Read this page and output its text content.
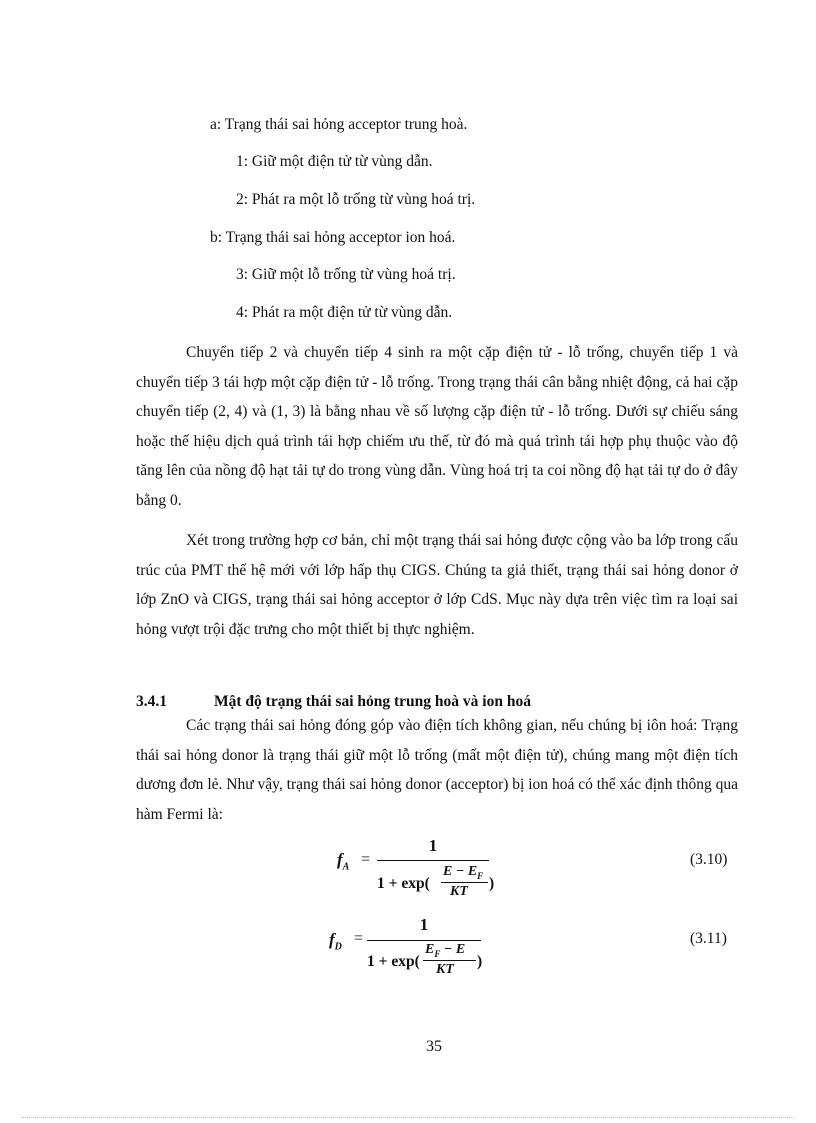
a: Trạng thái sai hỏng acceptor trung hoà.
1: Giữ một điện tử từ vùng dẫn.
2: Phát ra một lỗ trống từ vùng hoá trị.
b: Trạng thái sai hỏng acceptor ion hoá.
3: Giữ một lỗ trống từ vùng hoá trị.
4: Phát ra một điện tử từ vùng dẫn.

Chuyển tiếp 2 và chuyển tiếp 4 sinh ra một cặp điện tử - lỗ trống, chuyển tiếp 1 và chuyển tiếp 3 tái hợp một cặp điện tử - lỗ trống. Trong trạng thái cân bằng nhiệt động, cả hai cặp chuyển tiếp (2, 4) và (1, 3) là bằng nhau về số lượng cặp điện tử - lỗ trống. Dưới sự chiếu sáng hoặc thế hiệu dịch quá trình tái hợp chiếm ưu thế, từ đó mà quá trình tái hợp phụ thuộc vào độ tăng lên của nồng độ hạt tải tự do trong vùng dẫn. Vùng hoá trị ta coi nồng độ hạt tải tự do ở đây bằng 0.

Xét trong trường hợp cơ bản, chỉ một trạng thái sai hỏng được cộng vào ba lớp trong cấu trúc của PMT thế hệ mới với lớp hấp thụ CIGS. Chúng ta giả thiết, trạng thái sai hỏng donor ở lớp ZnO và CIGS, trạng thái sai hỏng acceptor ở lớp CdS. Mục này dựa trên việc tìm ra loại sai hỏng vượt trội đặc trưng cho một thiết bị thực nghiệm.

3.4.1	Mật độ trạng thái sai hỏng trung hoà và ion hoá

Các trạng thái sai hỏng đóng góp vào điện tích không gian, nếu chúng bị iôn hoá: Trạng thái sai hỏng donor là trạng thái giữ một lỗ trống (mất một điện tử), chúng mang một điện tích dương đơn lẻ. Như vậy, trạng thái sai hỏng donor (acceptor) bị ion hoá có thể xác định thông qua hàm Fermi là:

$f_A$ =
1
1 + exp(
$E - E_F$
KT )
(3.10)
$f_D$ =
1
1 + exp(
$E_F - E$
KT )
(3.11)
35
